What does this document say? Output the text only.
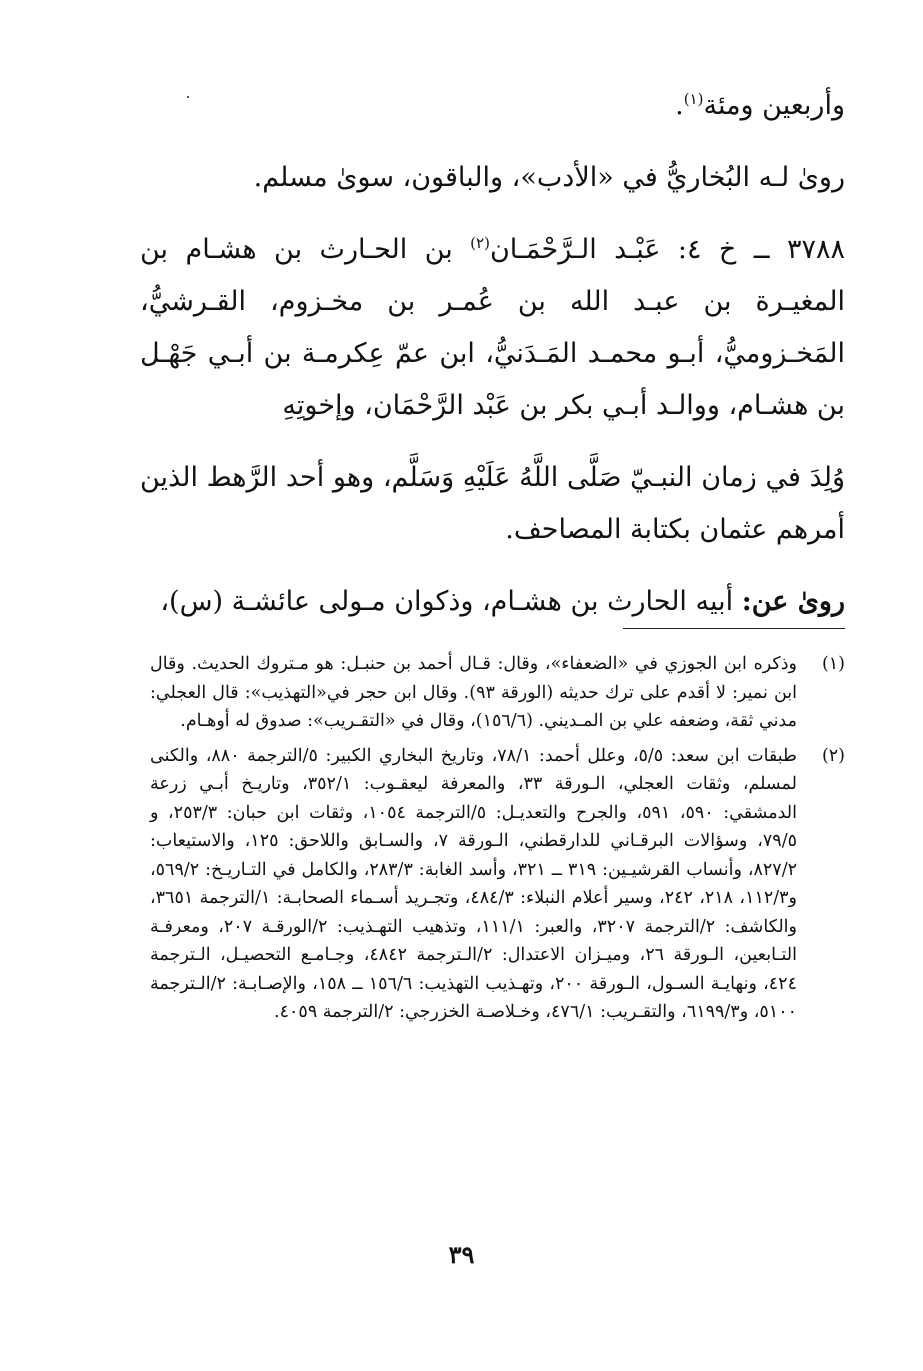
وأربعين ومئة$^{(١)}$.

روىٰ لـه البُخاريُّ في «الأدب»، والباقون، سوىٰ مسلم.

٣٧٨٨ ــ خ ٤: عَبْـد الـرَّحْمَـان$^{(٢)}$ بن الحـارث بن هشـام بن المغيـرة بن عبـد الله بن عُمـر بن مخـزوم، القـرشيُّ، المَخـزوميُّ، أبـو محمـد المَـدَنيُّ، ابن عمّ عِكرمـة بن أبـي جَهْـل بن هشـام، ووالـد أبـي بكر بن عَبْد الرَّحْمَان، وإخوتِهِ

وُلِدَ في زمان النبـيّ صَلَّى اللَّهُ عَلَيْهِ وَسَلَّم، وهو أحد الرَّهط الذين أمرهم عثمان بكتابة المصاحف.

روىٰ عن: أبيه الحارث بن هشـام، وذكوان مـولى عائشـة (س)،

(١)
وذكره ابن الجوزي في «الضعفاء»، وقال: قـال أحمد بن حنبـل: هو مـتروك الحديث. وقال ابن نمير: لا أقدم على ترك حديثه (الورقة ٩٣). وقال ابن حجر في«التهذيب»: قال العجلي: مدني ثقة، وضعفه علي بن المـديني. (١٥٦/٦)، وقال في «التقـريب»: صدوق له أوهـام.
(٢)
طبقات ابن سعد: ٥/٥، وعلل أحمد: ٧٨/١، وتاريخ البخاري الكبير: ٥/الترجمة ٨٨٠، والكنى لمسلم، وثقات العجلي، الـورقة ٣٣، والمعرفة ليعقـوب: ٣٥٢/١، وتاريـخ أبـي زرعة الدمشقي: ٥٩٠، ٥٩١، والجرح والتعديـل: ٥/الترجمة ١٠٥٤، وثقات ابن حبان: ٢٥٣/٣، و ٧٩/٥، وسؤالات البرقـاني للدارقطني، الـورقة ٧، والسـابق واللاحق: ١٢٥، والاستيعاب: ٨٢٧/٢، وأنساب القرشيـين: ٣١٩ ــ ٣٢١، وأسد الغابة: ٢٨٣/٣، والكامل في التـاريـخ: ٥٦٩/٢، و١١٢/٣، ٢١٨، ٢٤٢، وسير أعلام النبلاء: ٤٨٤/٣، وتجـريد أسـماء الصحابـة: ١/الترجمة ٣٦٥١، والكاشف: ٢/الترجمة ٣٢٠٧، والعبر: ١١١/١، وتذهيب التهـذيب: ٢/الورقـة ٢٠٧، ومعرفـة التـابعين، الـورقة ٢٦، وميـزان الاعتدال: ٢/الـترجمة ٤٨٤٢، وجـامـع التحصيـل، الـترجمة ٤٢٤، ونهايـة السـول، الـورقة ٢٠٠، وتهـذيب التهذيب: ١٥٦/٦ ــ ١٥٨، والإصـابـة: ٢/الـترجمة ٥١٠٠، و٦١٩٩/٣، والتقـريب: ٤٧٦/١، وخـلاصـة الخزرجي: ٢/الترجمة ٤٠٥٩.
٣٩
